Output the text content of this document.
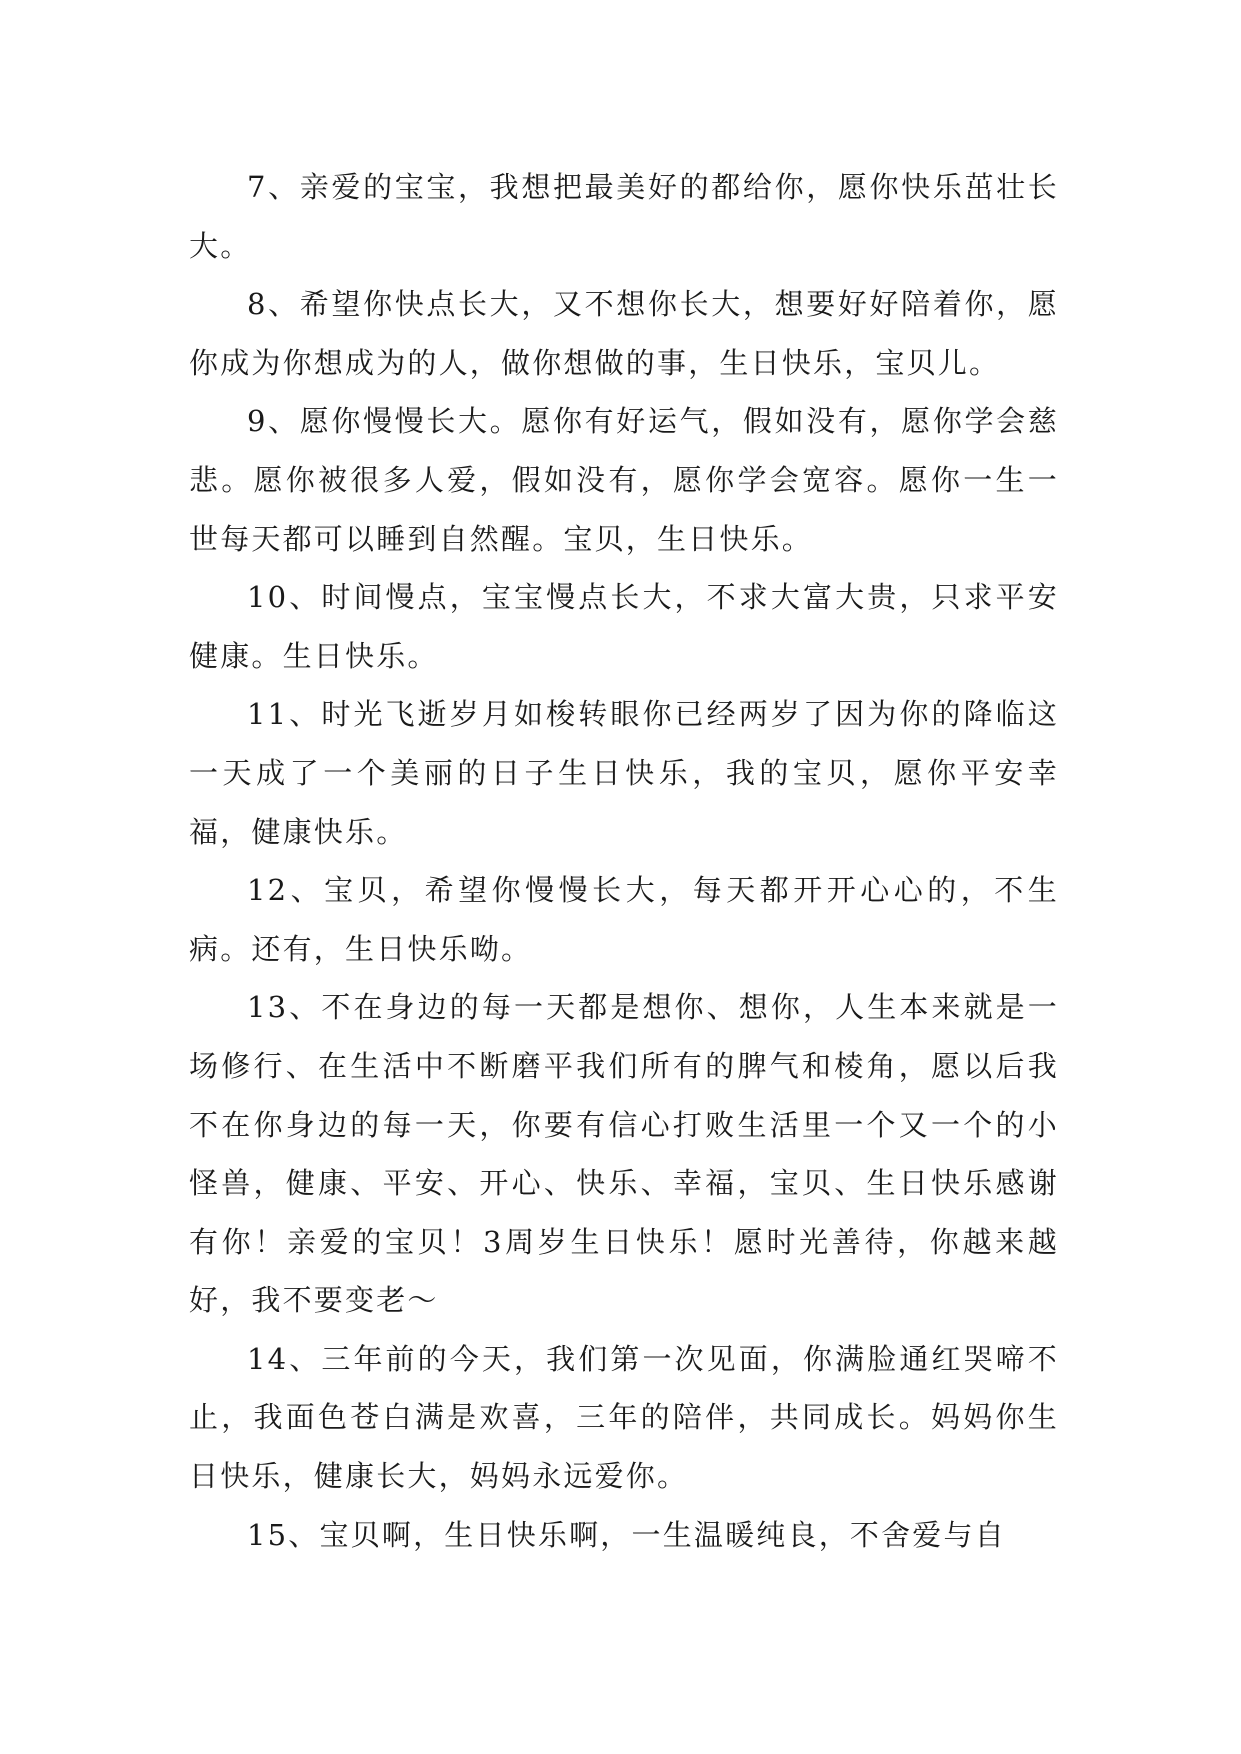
7、亲爱的宝宝，我想把最美好的都给你，愿你快乐茁壮长大。

8、希望你快点长大，又不想你长大，想要好好陪着你，愿你成为你想成为的人，做你想做的事，生日快乐，宝贝儿。

9、愿你慢慢长大。愿你有好运气，假如没有，愿你学会慈悲。愿你被很多人爱，假如没有，愿你学会宽容。愿你一生一世每天都可以睡到自然醒。宝贝，生日快乐。

10、时间慢点，宝宝慢点长大，不求大富大贵，只求平安健康。生日快乐。

11、时光飞逝岁月如梭转眼你已经两岁了因为你的降临这一天成了一个美丽的日子生日快乐，我的宝贝，愿你平安幸福，健康快乐。

12、宝贝，希望你慢慢长大，每天都开开心心的，不生病。还有，生日快乐呦。

13、不在身边的每一天都是想你、想你，人生本来就是一场修行、在生活中不断磨平我们所有的脾气和棱角，愿以后我不在你身边的每一天，你要有信心打败生活里一个又一个的小怪兽，健康、平安、开心、快乐、幸福，宝贝、生日快乐感谢有你！亲爱的宝贝！3周岁生日快乐！愿时光善待，你越来越好，我不要变老～

14、三年前的今天，我们第一次见面，你满脸通红哭啼不止，我面色苍白满是欢喜，三年的陪伴，共同成长。妈妈你生日快乐，健康长大，妈妈永远爱你。

15、宝贝啊，生日快乐啊，一生温暖纯良，不舍爱与自
